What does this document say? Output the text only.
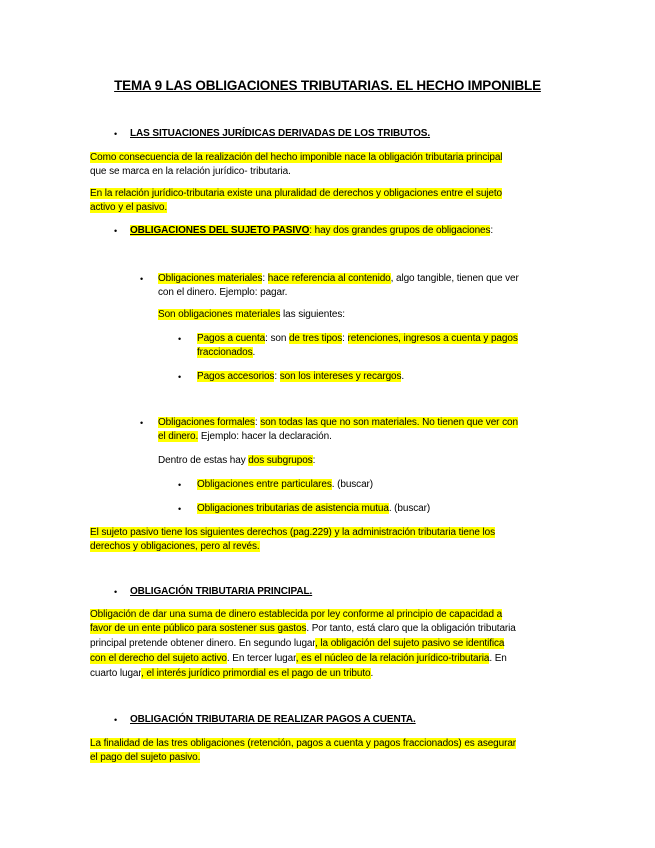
TEMA 9 LAS OBLIGACIONES TRIBUTARIAS. EL HECHO IMPONIBLE
• LAS SITUACIONES JURÍDICAS DERIVADAS DE LOS TRIBUTOS.
Como consecuencia de la realización del hecho imponible nace la obligación tributaria principal
que se marca en la relación jurídico- tributaria.
En la relación jurídico-tributaria existe una pluralidad de derechos y obligaciones entre el sujeto
activo y el pasivo.
• OBLIGACIONES DEL SUJETO PASIVO: hay dos grandes grupos de obligaciones:
• Obligaciones materiales: hace referencia al contenido, algo tangible, tienen que ver
con el dinero. Ejemplo: pagar.
Son obligaciones materiales las siguientes:
• Pagos a cuenta: son de tres tipos: retenciones, ingresos a cuenta y pagos
fraccionados.
• Pagos accesorios: son los intereses y recargos.
• Obligaciones formales: son todas las que no son materiales. No tienen que ver con
el dinero. Ejemplo: hacer la declaración.
Dentro de estas hay dos subgrupos:
• Obligaciones entre particulares. (buscar)
• Obligaciones tributarias de asistencia mutua. (buscar)
El sujeto pasivo tiene los siguientes derechos (pag.229) y la administración tributaria tiene los
derechos y obligaciones, pero al revés.
• OBLIGACIÓN TRIBUTARIA PRINCIPAL.
Obligación de dar una suma de dinero establecida por ley conforme al principio de capacidad a
favor de un ente público para sostener sus gastos. Por tanto, está claro que la obligación tributaria
principal pretende obtener dinero. En segundo lugar, la obligación del sujeto pasivo se identifica
con el derecho del sujeto activo. En tercer lugar, es el núcleo de la relación jurídico-tributaria. En
cuarto lugar, el interés jurídico primordial es el pago de un tributo.
• OBLIGACIÓN TRIBUTARIA DE REALIZAR PAGOS A CUENTA.
La finalidad de las tres obligaciones (retención, pagos a cuenta y pagos fraccionados) es asegurar
el pago del sujeto pasivo.
